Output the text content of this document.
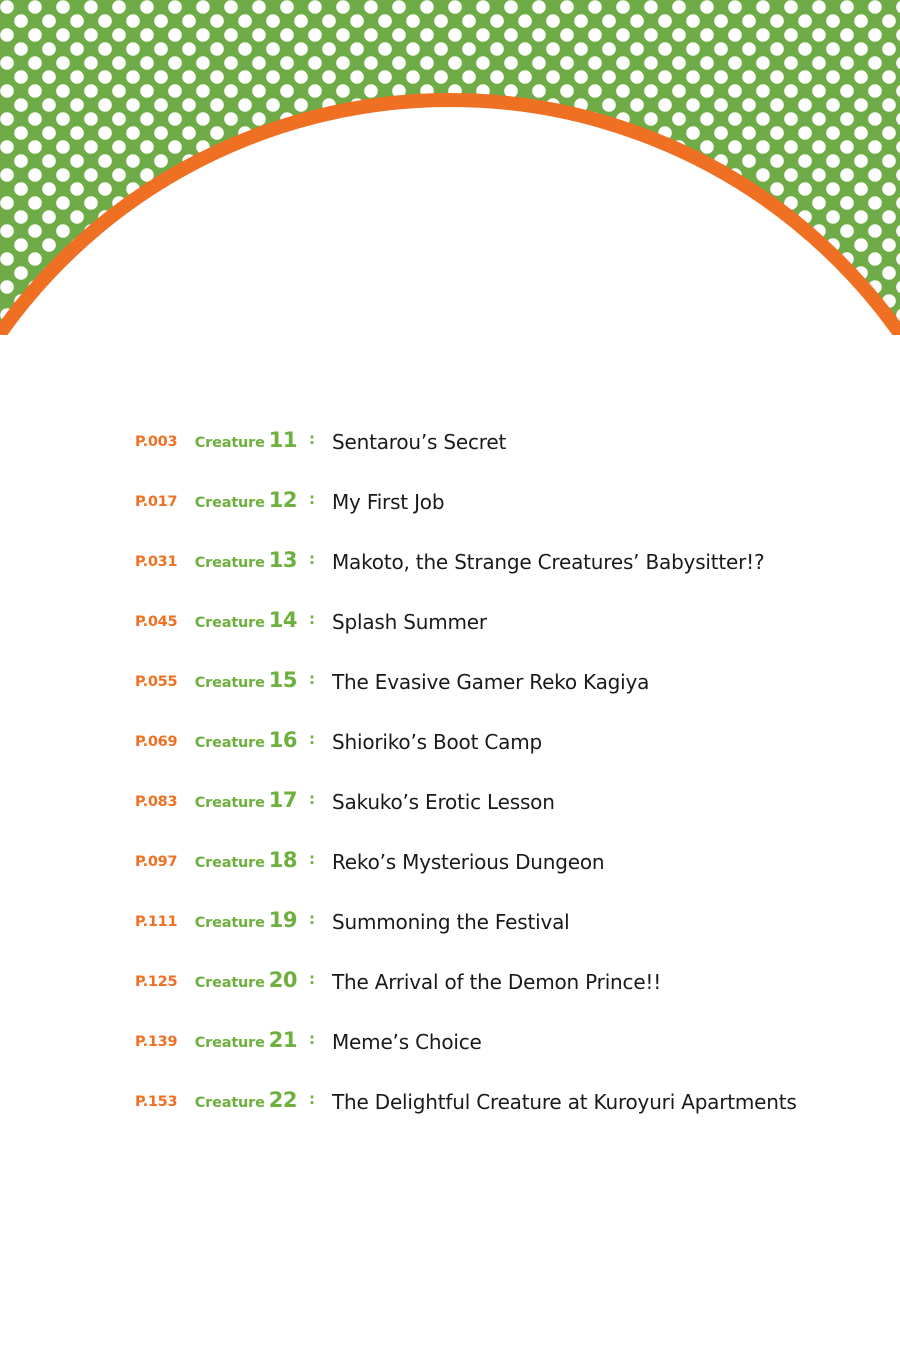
P.003 Creature 11 : Sentarou’s Secret
P.017 Creature 12 : My First Job
P.031 Creature 13 : Makoto, the Strange Creatures’ Babysitter!?
P.045 Creature 14 : Splash Summer
P.055 Creature 15 : The Evasive Gamer Reko Kagiya
P.069 Creature 16 : Shioriko’s Boot Camp
P.083 Creature 17 : Sakuko’s Erotic Lesson
P.097 Creature 18 : Reko’s Mysterious Dungeon
P.111 Creature 19 : Summoning the Festival
P.125 Creature 20 : The Arrival of the Demon Prince!!
P.139 Creature 21 : Meme’s Choice
P.153 Creature 22 : The Delightful Creature at Kuroyuri Apartments
